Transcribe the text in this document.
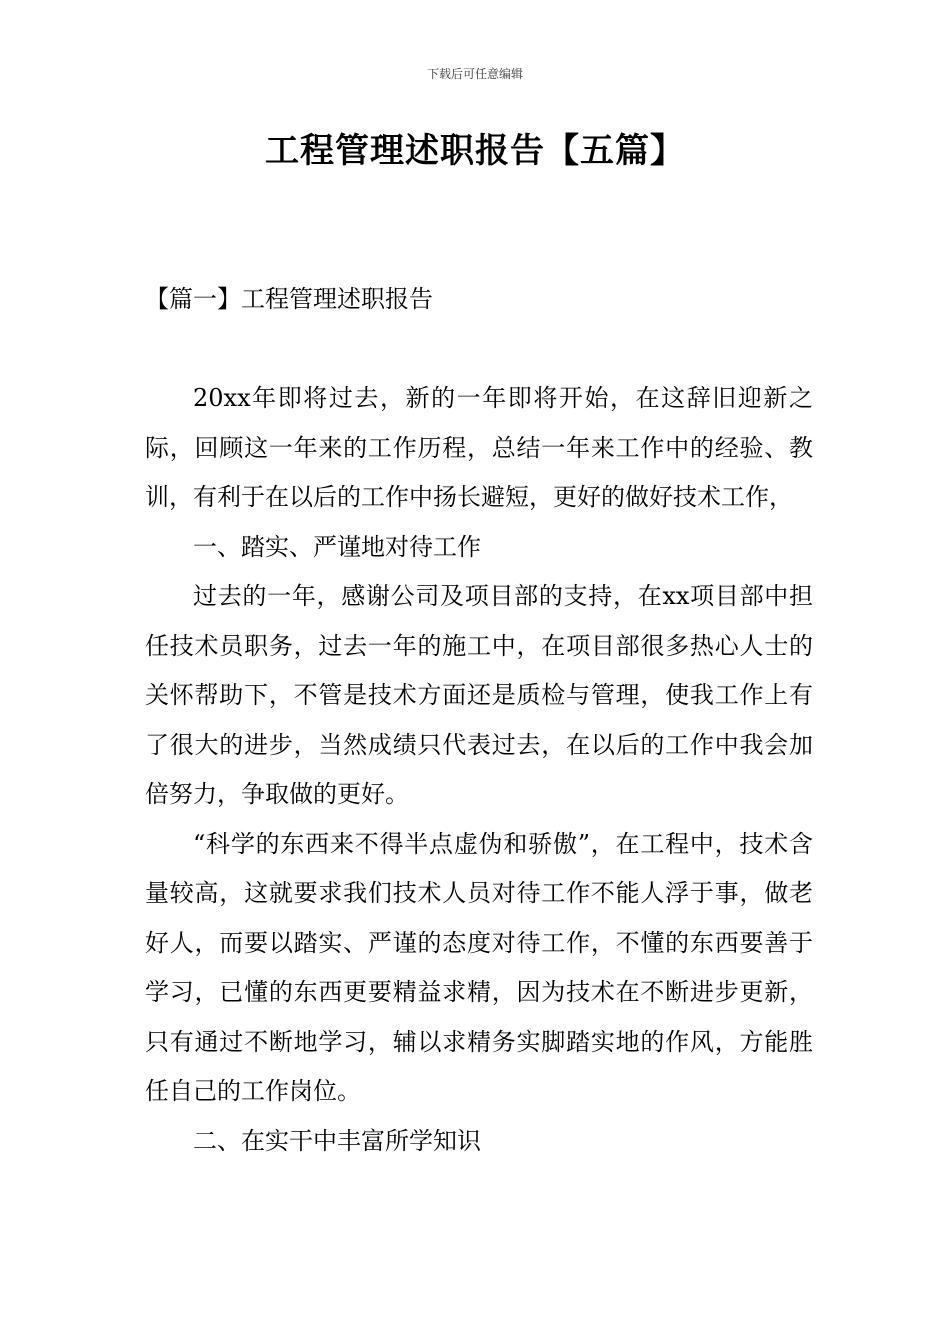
下载后可任意编辑
工程管理述职报告【五篇】
【篇一】工程管理述职报告

20xx年即将过去，新的一年即将开始，在这辞旧迎新之际，回顾这一年来的工作历程，总结一年来工作中的经验、教训，有利于在以后的工作中扬长避短，更好的做好技术工作，

一、踏实、严谨地对待工作

过去的一年，感谢公司及项目部的支持，在xx项目部中担任技术员职务，过去一年的施工中，在项目部很多热心人士的关怀帮助下，不管是技术方面还是质检与管理，使我工作上有了很大的进步，当然成绩只代表过去，在以后的工作中我会加倍努力，争取做的更好。

“科学的东西来不得半点虚伪和骄傲”，在工程中，技术含量较高，这就要求我们技术人员对待工作不能人浮于事，做老好人，而要以踏实、严谨的态度对待工作，不懂的东西要善于学习，已懂的东西更要精益求精，因为技术在不断进步更新，只有通过不断地学习，辅以求精务实脚踏实地的作风，方能胜任自己的工作岗位。

二、在实干中丰富所学知识
